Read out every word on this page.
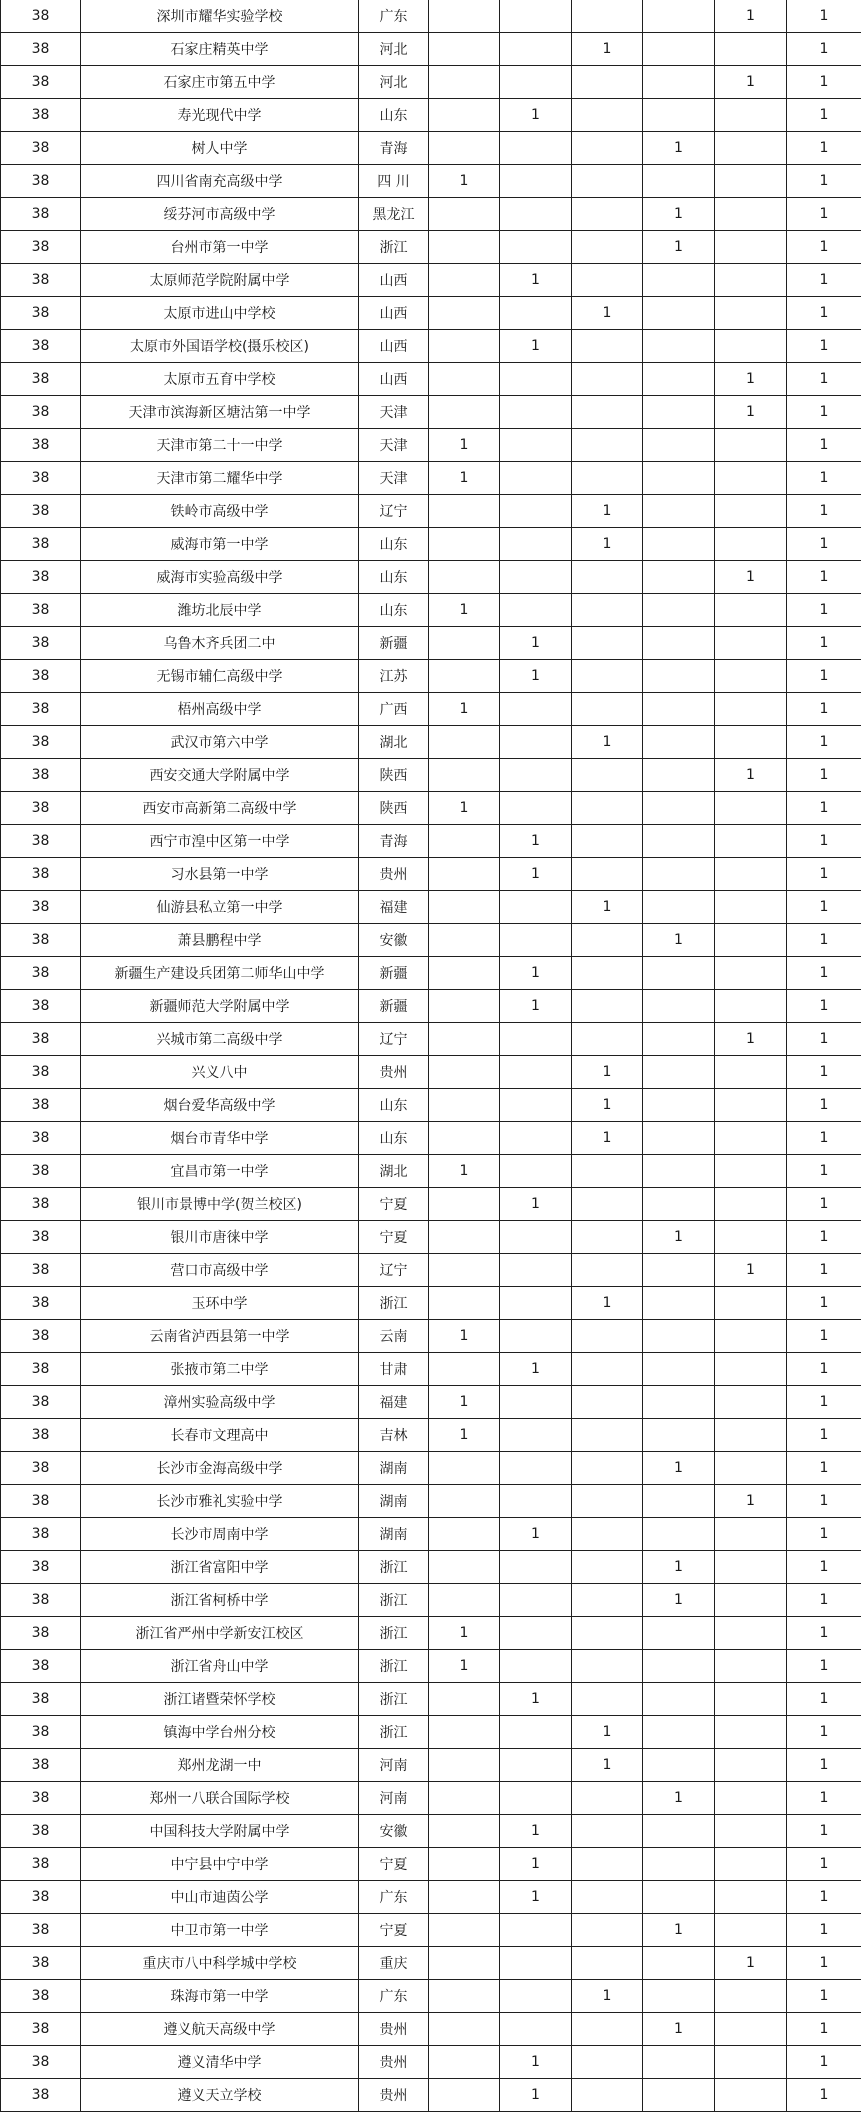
38	深圳市耀华实验学校	广东					1	1
38	石家庄精英中学	河北			1			1
38	石家庄市第五中学	河北					1	1
38	寿光现代中学	山东		1				1
38	树人中学	青海				1		1
38	四川省南充高级中学	四 川	1					1
38	绥芬河市高级中学	黑龙江				1		1
38	台州市第一中学	浙江				1		1
38	太原师范学院附属中学	山西		1				1
38	太原市进山中学校	山西			1			1
38	太原市外国语学校(摄乐校区)	山西		1				1
38	太原市五育中学校	山西					1	1
38	天津市滨海新区塘沽第一中学	天津					1	1
38	天津市第二十一中学	天津	1					1
38	天津市第二耀华中学	天津	1					1
38	铁岭市高级中学	辽宁			1			1
38	威海市第一中学	山东			1			1
38	威海市实验高级中学	山东					1	1
38	潍坊北辰中学	山东	1					1
38	乌鲁木齐兵团二中	新疆		1				1
38	无锡市辅仁高级中学	江苏		1				1
38	梧州高级中学	广西	1					1
38	武汉市第六中学	湖北			1			1
38	西安交通大学附属中学	陕西					1	1
38	西安市高新第二高级中学	陕西	1					1
38	西宁市湟中区第一中学	青海		1				1
38	习水县第一中学	贵州		1				1
38	仙游县私立第一中学	福建			1			1
38	萧县鹏程中学	安徽				1		1
38	新疆生产建设兵团第二师华山中学	新疆		1				1
38	新疆师范大学附属中学	新疆		1				1
38	兴城市第二高级中学	辽宁					1	1
38	兴义八中	贵州			1			1
38	烟台爱华高级中学	山东			1			1
38	烟台市青华中学	山东			1			1
38	宜昌市第一中学	湖北	1					1
38	银川市景博中学(贺兰校区)	宁夏		1				1
38	银川市唐徕中学	宁夏				1		1
38	营口市高级中学	辽宁					1	1
38	玉环中学	浙江			1			1
38	云南省泸西县第一中学	云南	1					1
38	张掖市第二中学	甘肃		1				1
38	漳州实验高级中学	福建	1					1
38	长春市文理高中	吉林	1					1
38	长沙市金海高级中学	湖南				1		1
38	长沙市雅礼实验中学	湖南					1	1
38	长沙市周南中学	湖南		1				1
38	浙江省富阳中学	浙江				1		1
38	浙江省柯桥中学	浙江				1		1
38	浙江省严州中学新安江校区	浙江	1					1
38	浙江省舟山中学	浙江	1					1
38	浙江诸暨荣怀学校	浙江		1				1
38	镇海中学台州分校	浙江			1			1
38	郑州龙湖一中	河南			1			1
38	郑州一八联合国际学校	河南				1		1
38	中国科技大学附属中学	安徽		1				1
38	中宁县中宁中学	宁夏		1				1
38	中山市迪茵公学	广东		1				1
38	中卫市第一中学	宁夏				1		1
38	重庆市八中科学城中学校	重庆					1	1
38	珠海市第一中学	广东			1			1
38	遵义航天高级中学	贵州				1		1
38	遵义清华中学	贵州		1				1
38	遵义天立学校	贵州		1				1
